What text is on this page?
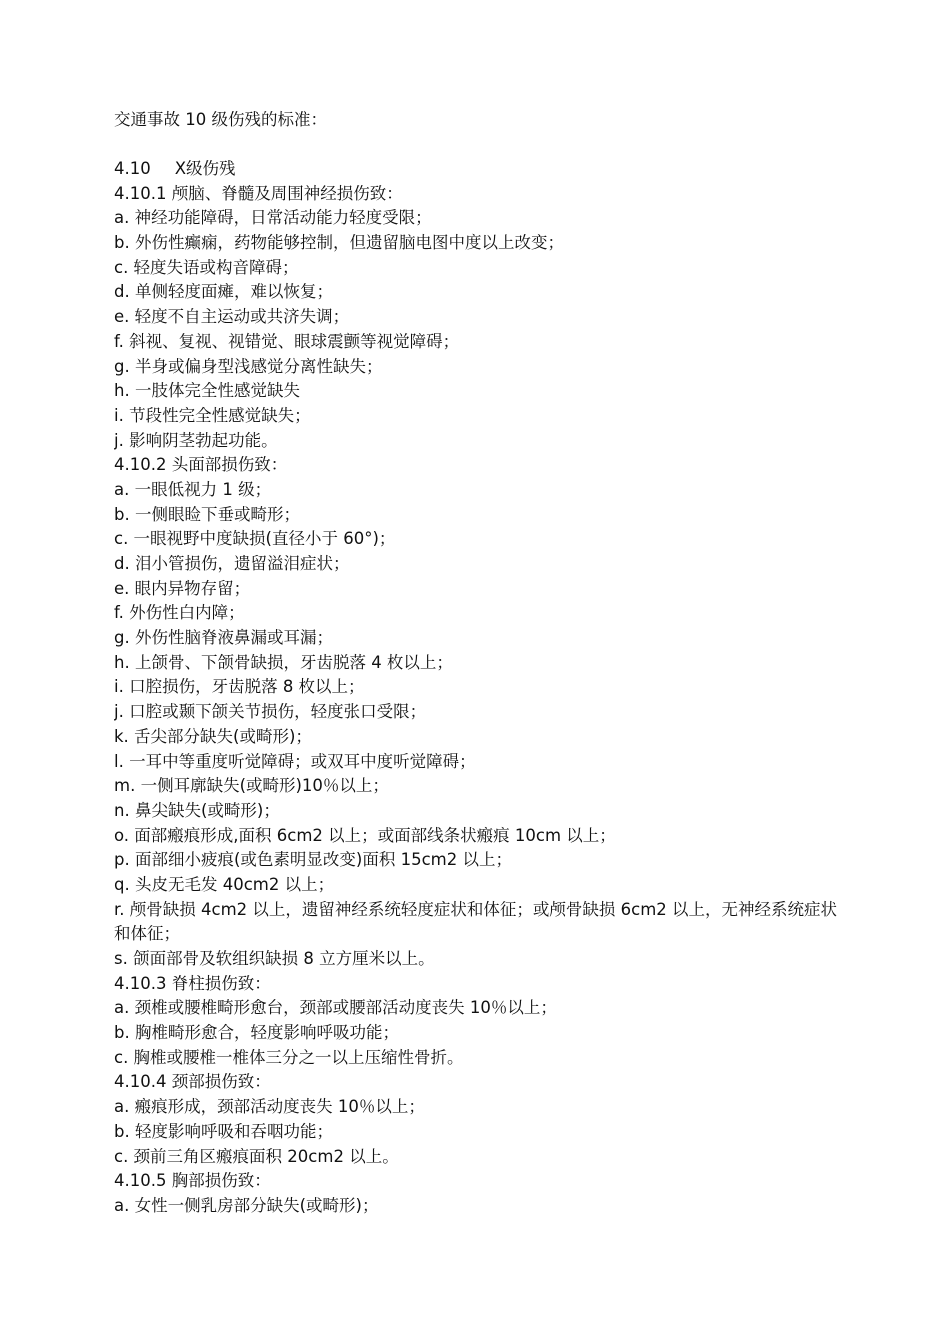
交通事故 10 级伤残的标准：
4.10 X级伤残
4.10.1 颅脑、脊髓及周围神经损伤致：
a. 神经功能障碍，日常活动能力轻度受限；
b. 外伤性癫痫，药物能够控制，但遗留脑电图中度以上改变；
c. 轻度失语或构音障碍；
d. 单侧轻度面瘫，难以恢复；
e. 轻度不自主运动或共济失调；
f. 斜视、复视、视错觉、眼球震颤等视觉障碍；
g. 半身或偏身型浅感觉分离性缺失；
h. 一肢体完全性感觉缺失
i. 节段性完全性感觉缺失；
j. 影响阴茎勃起功能。
4.10.2 头面部损伤致：
a. 一眼低视力 1 级；
b. 一侧眼睑下垂或畸形；
c. 一眼视野中度缺损(直径小于 60°)；
d. 泪小管损伤，遗留溢泪症状；
e. 眼内异物存留；
f. 外伤性白内障；
g. 外伤性脑脊液鼻漏或耳漏；
h. 上颌骨、下颌骨缺损，牙齿脱落 4 枚以上；
i. 口腔损伤，牙齿脱落 8 枚以上；
j. 口腔或颞下颌关节损伤，轻度张口受限；
k. 舌尖部分缺失(或畸形)；
l. 一耳中等重度听觉障碍；或双耳中度听觉障碍；
m. 一侧耳廓缺失(或畸形)10％以上；
n. 鼻尖缺失(或畸形)；
o. 面部瘢痕形成,面积 6cm2 以上；或面部线条状瘢痕 10cm 以上；
p. 面部细小疲痕(或色素明显改变)面积 15cm2 以上；
q. 头皮无毛发 40cm2 以上；
r. 颅骨缺损 4cm2 以上，遗留神经系统轻度症状和体征；或颅骨缺损 6cm2 以上，无神经系统症状和体征；
s. 颌面部骨及软组织缺损 8 立方厘米以上。
4.10.3 脊柱损伤致：
a. 颈椎或腰椎畸形愈台，颈部或腰部活动度丧失 10％以上；
b. 胸椎畸形愈合，轻度影响呼吸功能；
c. 胸椎或腰椎一椎体三分之一以上压缩性骨折。
4.10.4 颈部损伤致：
a. 瘢痕形成，颈部活动度丧失 10％以上；
b. 轻度影响呼吸和吞咽功能；
c. 颈前三角区瘢痕面积 20cm2 以上。
4.10.5 胸部损伤致：
a. 女性一侧乳房部分缺失(或畸形)；
